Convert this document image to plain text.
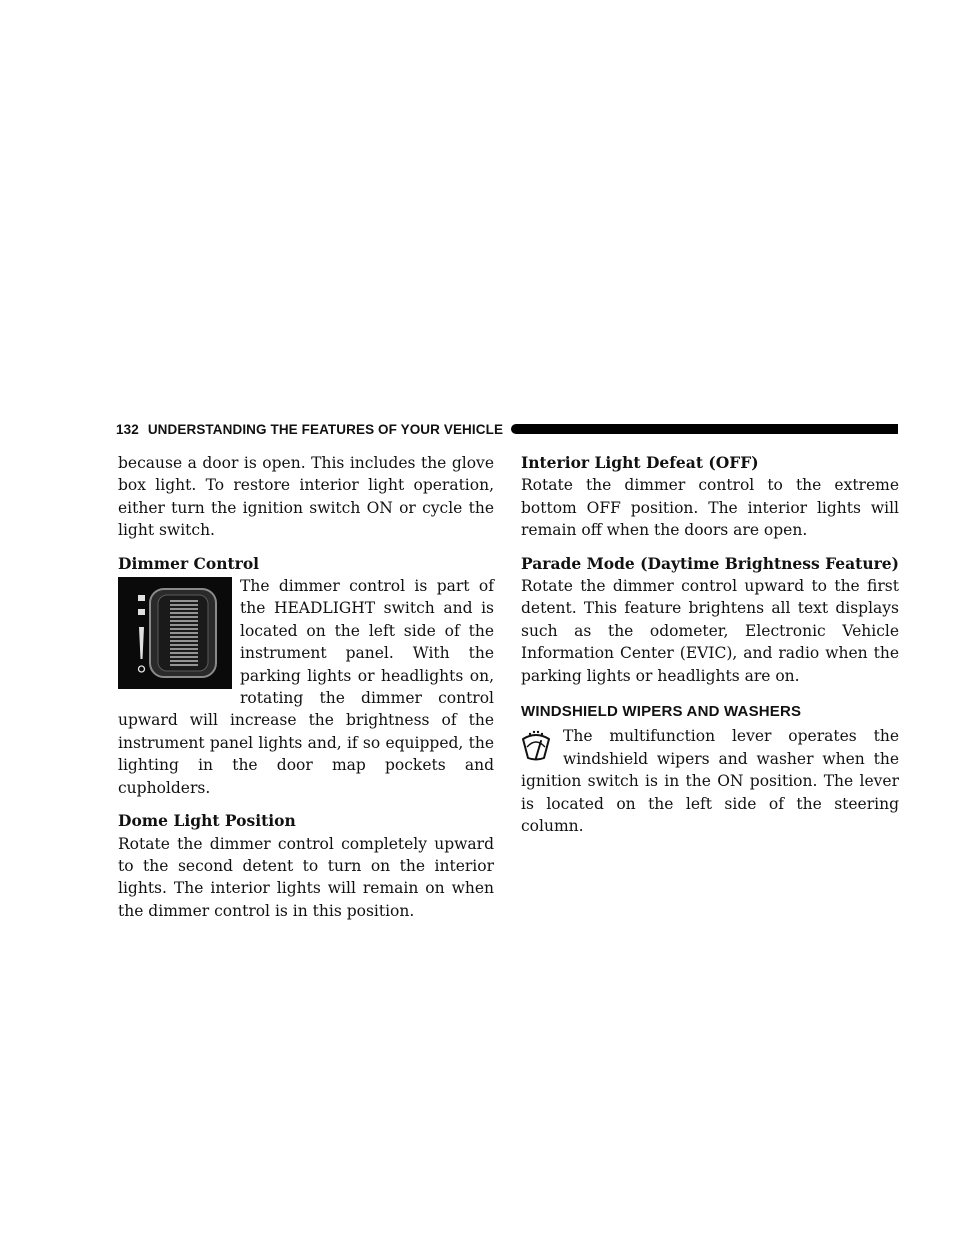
132 UNDERSTANDING THE FEATURES OF YOUR VEHICLE

because a door is open. This includes the glove box light. To restore interior light operation, either turn the ignition switch ON or cycle the light switch.

Dimmer Control

The dimmer control is part of the HEADLIGHT switch and is located on the left side of the instrument panel. With the parking lights or headlights on, rotating the dimmer control upward will increase the brightness of the instrument panel lights and, if so equipped, the lighting in the door map pockets and cupholders.

Dome Light Position

Rotate the dimmer control completely upward to the second detent to turn on the interior lights. The interior lights will remain on when the dimmer control is in this position.

Interior Light Defeat (OFF)

Rotate the dimmer control to the extreme bottom OFF position. The interior lights will remain off when the doors are open.

Parade Mode (Daytime Brightness Feature)

Rotate the dimmer control upward to the first detent. This feature brightens all text displays such as the odometer, Electronic Vehicle Information Center (EVIC), and radio when the parking lights or headlights are on.

WINDSHIELD WIPERS AND WASHERS

The multifunction lever operates the windshield wipers and washer when the ignition switch is in the ON position. The lever is located on the left side of the steering column.
